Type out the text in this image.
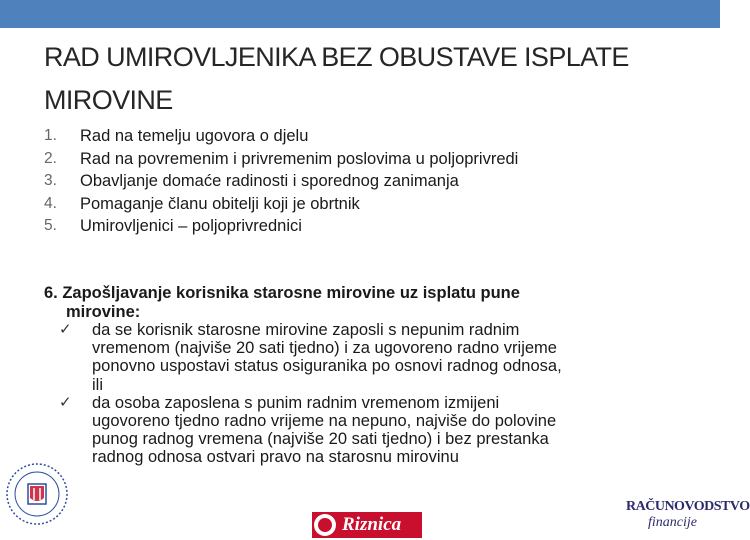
RAD UMIROVLJENIKA BEZ OBUSTAVE ISPLATE MIROVINE
1. Rad na temelju ugovora o djelu
2. Rad na povremenim i privremenim poslovima u poljoprivredi
3. Obavljanje domaće radinosti i sporednog zanimanja
4. Pomaganje članu obitelji koji je obrtnik
5. Umirovljenici – poljoprivrednici

6. Zapošljavanje korisnika starosne mirovine uz isplatu pune
mirovine:

✓ da se korisnik starosne mirovine zaposli s nepunim radnim
vremenom (najviše 20 sati tjedno) i za ugovoreno radno vrijeme
ponovno uspostavi status osiguranika po osnovi radnog odnosa,
ili
✓ da osoba zaposlena s punim radnim vremenom izmijeni
ugovoreno tjedno radno vrijeme na nepuno, najviše do polovine
punog radnog vremena (najviše 20 sati tjedno) i bez prestanka
radnog odnosa ostvari pravo na starosnu mirovinu
Riznica
RAČUNOVODSTVO
financije
